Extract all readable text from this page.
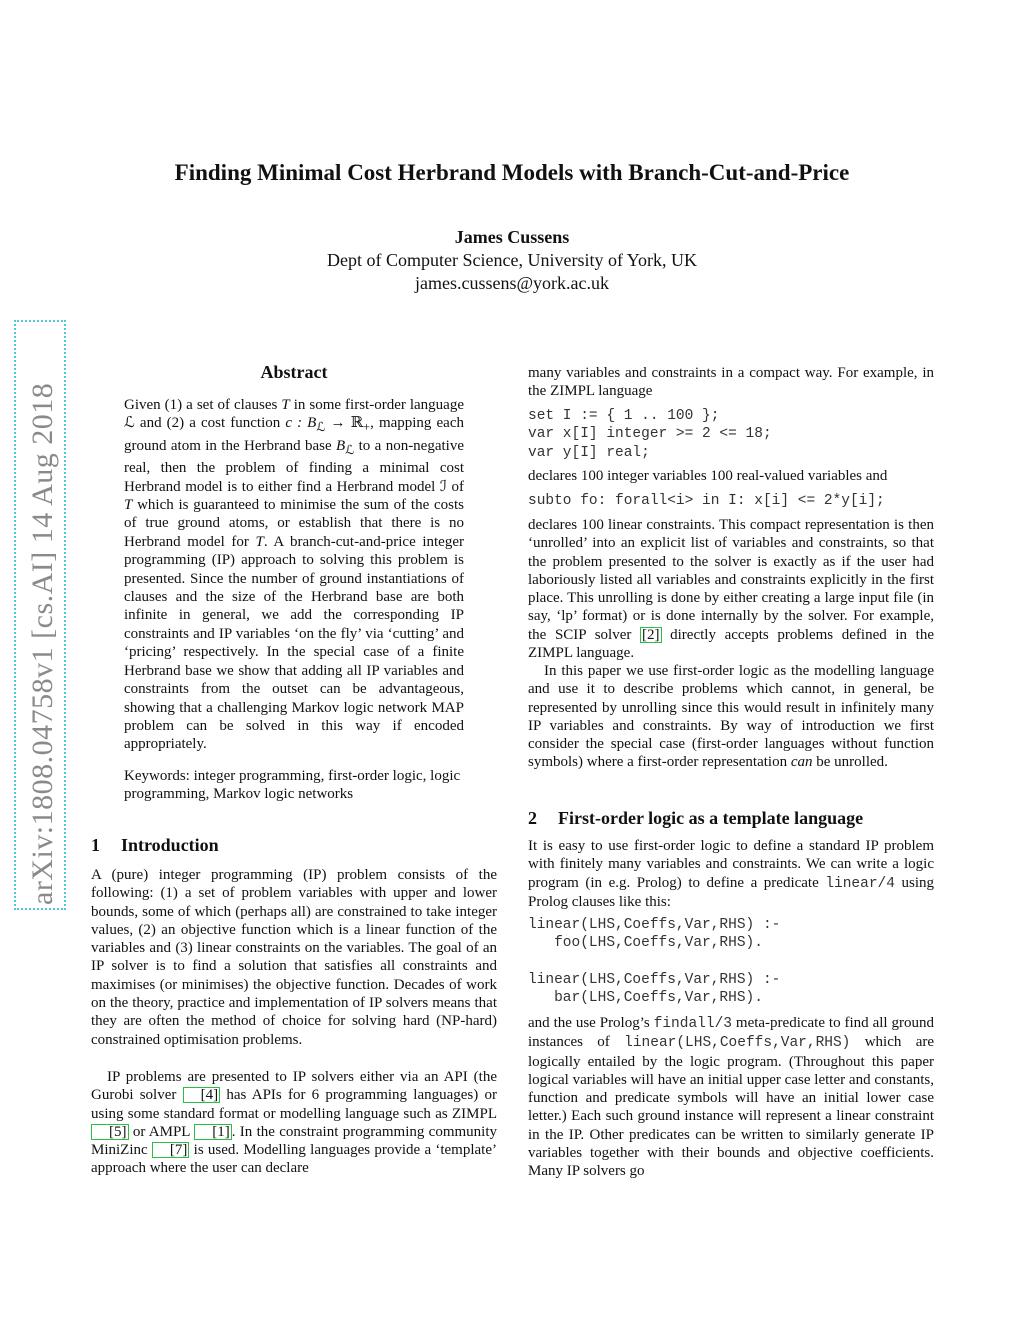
arXiv:1808.04758v1 [cs.AI] 14 Aug 2018
Finding Minimal Cost Herbrand Models with Branch-Cut-and-Price
James Cussens
Dept of Computer Science, University of York, UK
james.cussens@york.ac.uk
Abstract
Given (1) a set of clauses T in some first-order language ℒ and (2) a cost function c : $B_ℒ$ → ℝ$_+$, mapping each ground atom in the Herbrand base $B_ℒ$ to a non-negative real, then the problem of finding a minimal cost Herbrand model is to either find a Herbrand model ℐ of T which is guaranteed to minimise the sum of the costs of true ground atoms, or establish that there is no Herbrand model for T. A branch-cut-and-price integer programming (IP) approach to solving this problem is presented. Since the number of ground instantiations of clauses and the size of the Herbrand base are both infinite in general, we add the corresponding IP constraints and IP variables ‘on the fly’ via ‘cutting’ and ‘pricing’ respectively. In the special case of a finite Herbrand base we show that adding all IP variables and constraints from the outset can be advantageous, showing that a challenging Markov logic network MAP problem can be solved in this way if encoded appropriately.
Keywords: integer programming, first-order logic, logic programming, Markov logic networks
1 Introduction
A (pure) integer programming (IP) problem consists of the following: (1) a set of problem variables with upper and lower bounds, some of which (perhaps all) are constrained to take integer values, (2) an objective function which is a linear function of the variables and (3) linear constraints on the variables. The goal of an IP solver is to find a solution that satisfies all constraints and maximises (or minimises) the objective function. Decades of work on the theory, practice and implementation of IP solvers means that they are often the method of choice for solving hard (NP-hard) constrained optimisation problems.
IP problems are presented to IP solvers either via an API (the Gurobi solver [4] has APIs for 6 programming languages) or using some standard format or modelling language such as ZIMPL [5] or AMPL [1] . In the constraint programming community MiniZinc [7] is used. Modelling languages provide a ‘template’ approach where the user can declare
many variables and constraints in a compact way. For example, in the ZIMPL language
set I := { 1 .. 100 };
var x[I] integer >= 2 <= 18;
var y[I] real;
declares 100 integer variables 100 real-valued variables and
subto fo: forall<i> in I: x[i] <= 2*y[i];
declares 100 linear constraints. This compact representation is then ‘unrolled’ into an explicit list of variables and constraints, so that the problem presented to the solver is exactly as if the user had laboriously listed all variables and constraints explicitly in the first place. This unrolling is done by either creating a large input file (in say, ‘lp’ format) or is done internally by the solver. For example, the SCIP solver [2] directly accepts problems defined in the ZIMPL language.
In this paper we use first-order logic as the modelling language and use it to describe problems which cannot, in general, be represented by unrolling since this would result in infinitely many IP variables and constraints. By way of introduction we first consider the special case (first-order languages without function symbols) where a first-order representation can be unrolled.
2 First-order logic as a template language
It is easy to use first-order logic to define a standard IP problem with finitely many variables and constraints. We can write a logic program (in e.g. Prolog) to define a predicate linear/4 using Prolog clauses like this:
linear(LHS,Coeffs,Var,RHS) :-
foo(LHS,Coeffs,Var,RHS).
linear(LHS,Coeffs,Var,RHS) :-
bar(LHS,Coeffs,Var,RHS).
and the use Prolog’s findall/3 meta-predicate to find all ground instances of linear(LHS,Coeffs,Var,RHS) which are logically entailed by the logic program. (Throughout this paper logical variables will have an initial upper case letter and constants, function and predicate symbols will have an initial lower case letter.) Each such ground instance will represent a linear constraint in the IP. Other predicates can be written to similarly generate IP variables together with their bounds and objective coefficients. Many IP solvers go
